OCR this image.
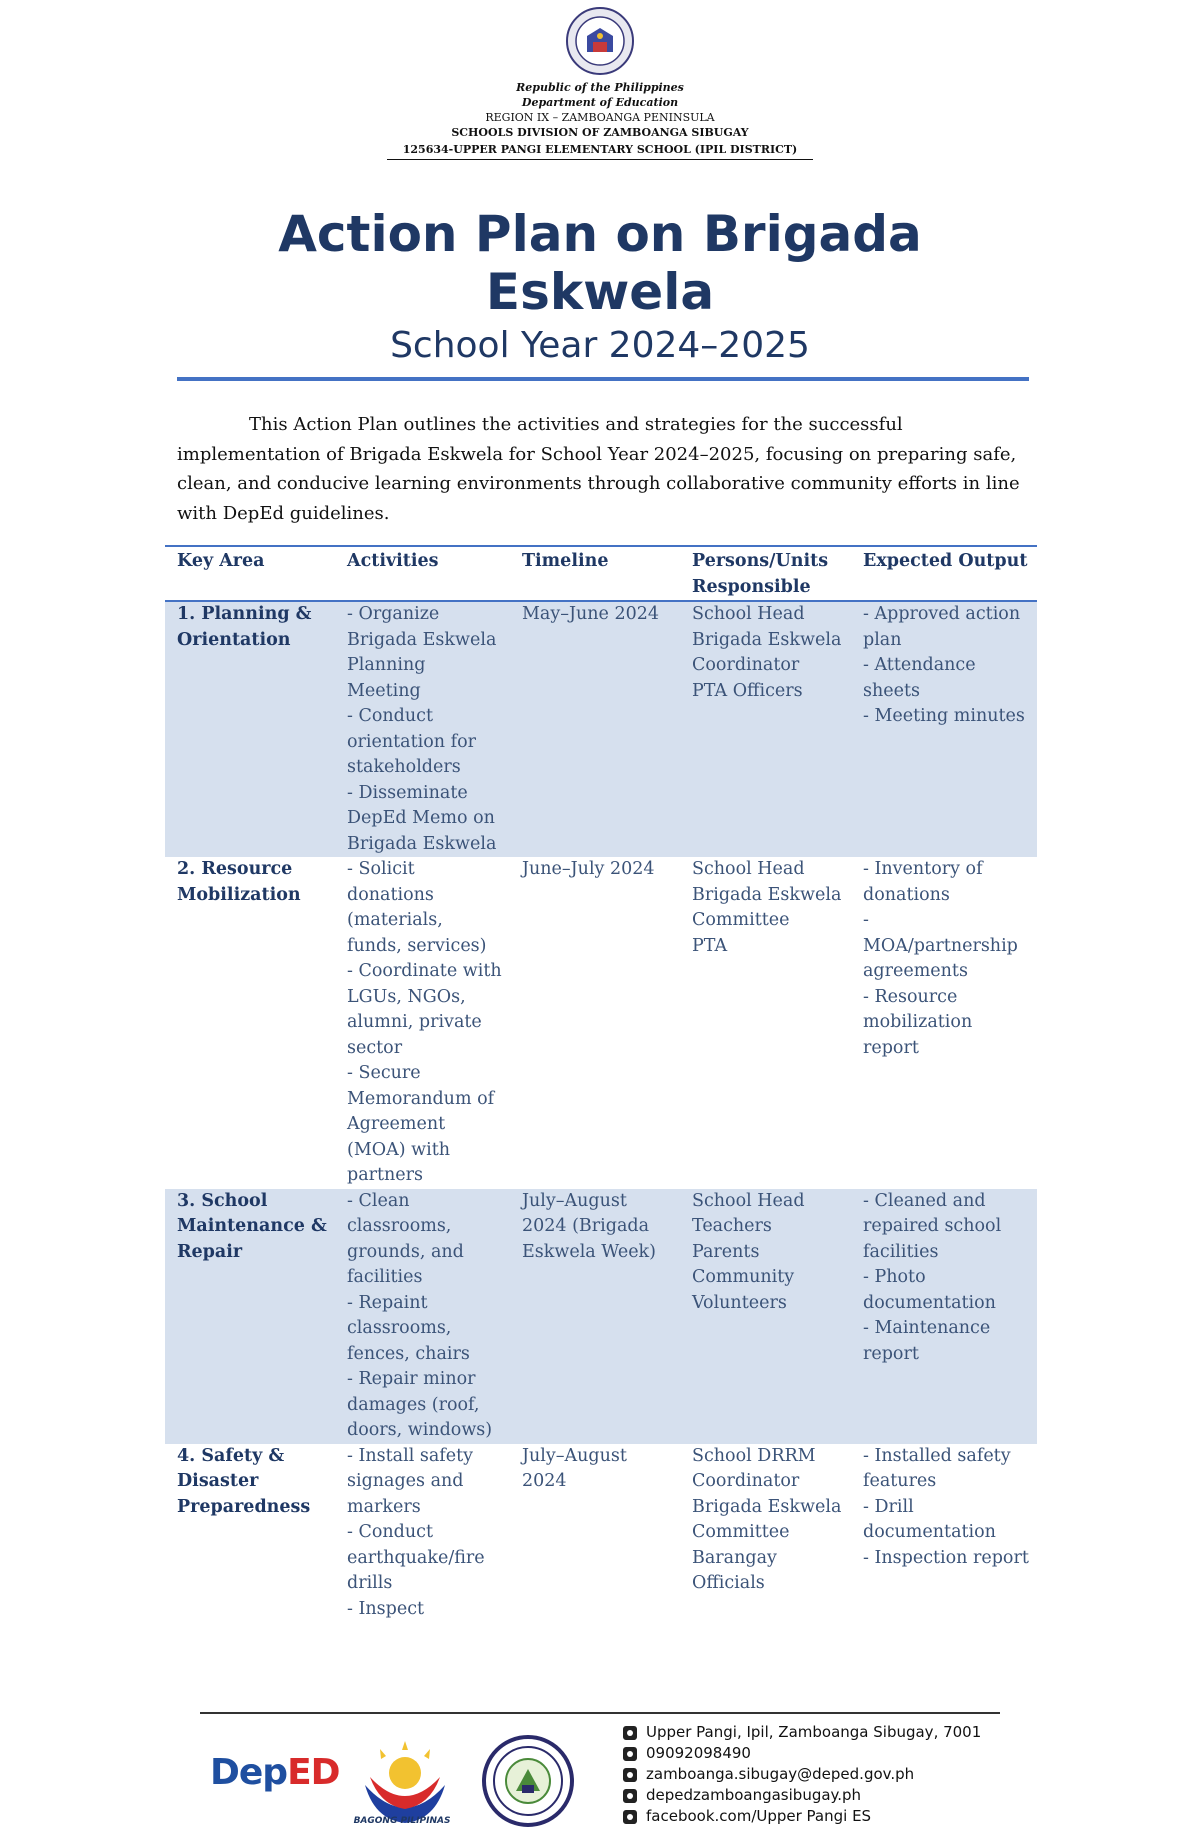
Republic of the Philippines
Department of Education
REGION IX – ZAMBOANGA PENINSULA
SCHOOLS DIVISION OF ZAMBOANGA SIBUGAY
125634-UPPER PANGI ELEMENTARY SCHOOL (IPIL DISTRICT)
Action Plan on Brigada
Eskwela
School Year 2024–2025
This Action Plan outlines the activities and strategies for the successful implementation of Brigada Eskwela for School Year 2024–2025, focusing on preparing safe, clean, and conducive learning environments through collaborative community efforts in line with DepEd guidelines.
Key Area	Activities	Timeline	Persons/Units Responsible	Expected Output
1. Planning & Orientation	- Organize Brigada Eskwela Planning Meeting
- Conduct orientation for stakeholders
- Disseminate DepEd Memo on Brigada Eskwela	May–June 2024	School Head
Brigada Eskwela Coordinator
PTA Officers	- Approved action plan
- Attendance sheets
- Meeting minutes

2. Resource Mobilization	- Solicit donations (materials, funds, services)
- Coordinate with LGUs, NGOs, alumni, private sector
- Secure Memorandum of Agreement (MOA) with partners	June–July 2024	School Head
Brigada Eskwela Committee
PTA	- Inventory of donations
- MOA/partnership agreements
- Resource mobilization report

3. School Maintenance & Repair	- Clean classrooms, grounds, and facilities
- Repaint classrooms, fences, chairs
- Repair minor damages (roof, doors, windows)	July–August 2024 (Brigada Eskwela Week)	School Head
Teachers
Parents
Community Volunteers	- Cleaned and repaired school facilities
- Photo documentation
- Maintenance report

4. Safety & Disaster Preparedness	- Install safety signages and markers
- Conduct earthquake/fire drills
- Inspect	July–August 2024	School DRRM Coordinator
Brigada Eskwela Committee
Barangay Officials	- Installed safety features
- Drill documentation
- Inspection report
DepED
BAGONG PILIPINAS
Upper Pangi, Ipil, Zamboanga Sibugay, 7001
09092098490
zamboanga.sibugay@deped.gov.ph
depedzamboangasibugay.ph
facebook.com/Upper Pangi ES
